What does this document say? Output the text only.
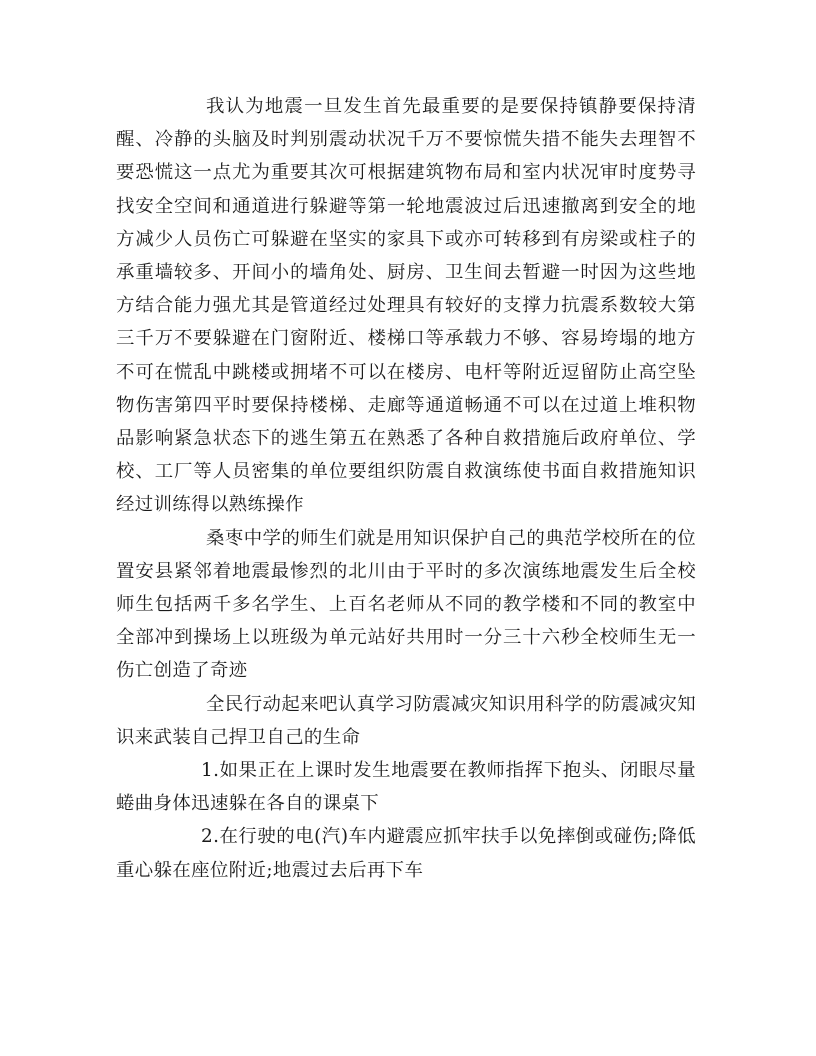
我认为地震一旦发生首先最重要的是要保持镇静要保持清醒、冷静的头脑及时判别震动状况千万不要惊慌失措不能失去理智不要恐慌这一点尤为重要其次可根据建筑物布局和室内状况审时度势寻找安全空间和通道进行躲避等第一轮地震波过后迅速撤离到安全的地方减少人员伤亡可躲避在坚实的家具下或亦可转移到有房梁或柱子的承重墙较多、开间小的墙角处、厨房、卫生间去暂避一时因为这些地方结合能力强尤其是管道经过处理具有较好的支撑力抗震系数较大第三千万不要躲避在门窗附近、楼梯口等承载力不够、容易垮塌的地方不可在慌乱中跳楼或拥堵不可以在楼房、电杆等附近逗留防止高空坠物伤害第四平时要保持楼梯、走廊等通道畅通不可以在过道上堆积物品影响紧急状态下的逃生第五在熟悉了各种自救措施后政府单位、学校、工厂等人员密集的单位要组织防震自救演练使书面自救措施知识经过训练得以熟练操作

桑枣中学的师生们就是用知识保护自己的典范学校所在的位置安县紧邻着地震最惨烈的北川由于平时的多次演练地震发生后全校师生包括两千多名学生、上百名老师从不同的教学楼和不同的教室中全部冲到操场上以班级为单元站好共用时一分三十六秒全校师生无一伤亡创造了奇迹

全民行动起来吧认真学习防震减灾知识用科学的防震减灾知识来武装自己捍卫自己的生命

1.如果正在上课时发生地震要在教师指挥下抱头、闭眼尽量蜷曲身体迅速躲在各自的课桌下

2.在行驶的电(汽)车内避震应抓牢扶手以免摔倒或碰伤;降低重心躲在座位附近;地震过去后再下车
